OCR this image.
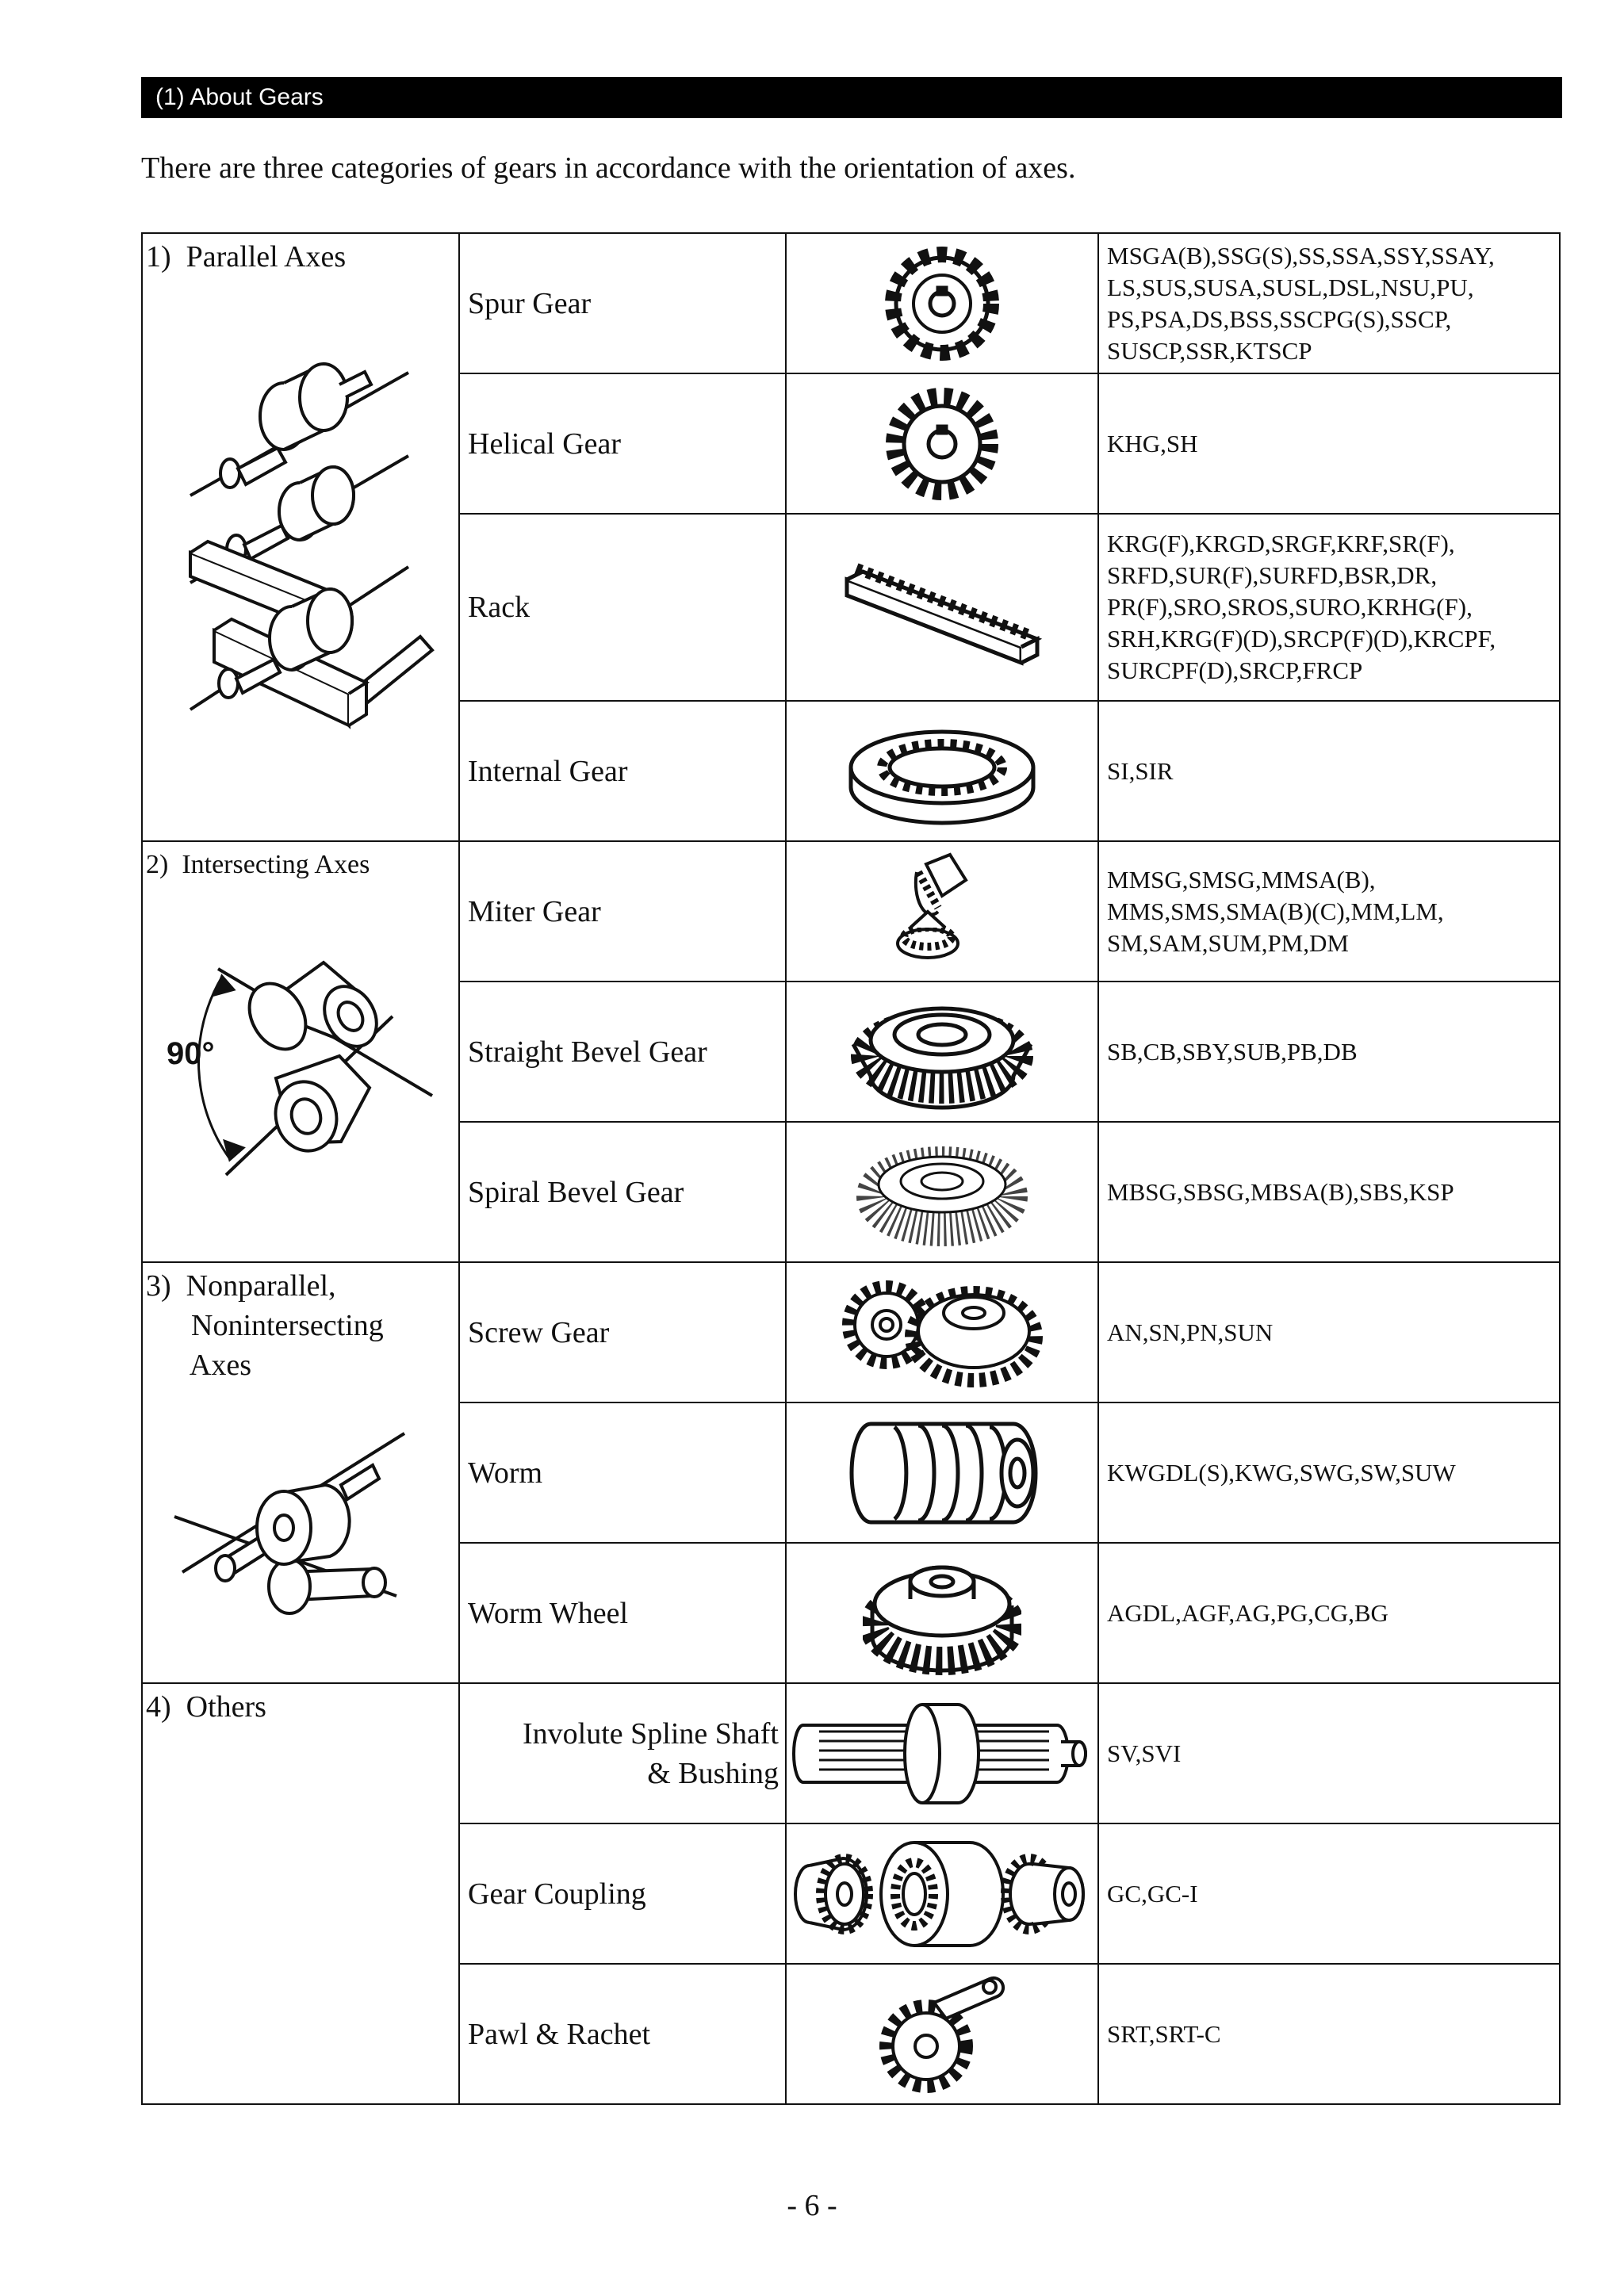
(1) About Gears
There are three categories of gears in accordance with the orientation of axes.
1)  Parallel Axes	Spur Gear		MSGA(B),SSG(S),SS,SSA,SSY,SSAY,
LS,SUS,SUSA,SUSL,DSL,NSU,PU,
PS,PSA,DS,BSS,SSCPG(S),SSCP,
SUSCP,SSR,KTSCP
	Helical Gear		KHG,SH
	Rack		KRG(F),KRGD,SRGF,KRF,SR(F),
SRFD,SUR(F),SURFD,BSR,DR,
PR(F),SRO,SROS,SURO,KRHG(F),
SRH,KRG(F)(D),SRCP(F)(D),KRCPF,
SURCPF(D),SRCP,FRCP
	Internal Gear		SI,SIR

2)  Intersecting Axes
90°	Miter Gear		MMSG,SMSG,MMSA(B),
MMS,SMS,SMA(B)(C),MM,LM,
SM,SAM,SUM,PM,DM
	Straight Bevel Gear		SB,CB,SBY,SUB,PB,DB
	Spiral Bevel Gear		MBSG,SBSG,MBSA(B),SBS,KSP

3)  Nonparallel,
Nonintersecting
Axes	Screw Gear		AN,SN,PN,SUN
	Worm		KWGDL(S),KWG,SWG,SW,SUW
	Worm Wheel		AGDL,AGF,AG,PG,CG,BG

4)  Others	Involute Spline Shaft
& Bushing		SV,SVI
	Gear Coupling		GC,GC-I
	Pawl & Rachet		SRT,SRT-C
- 6 -
